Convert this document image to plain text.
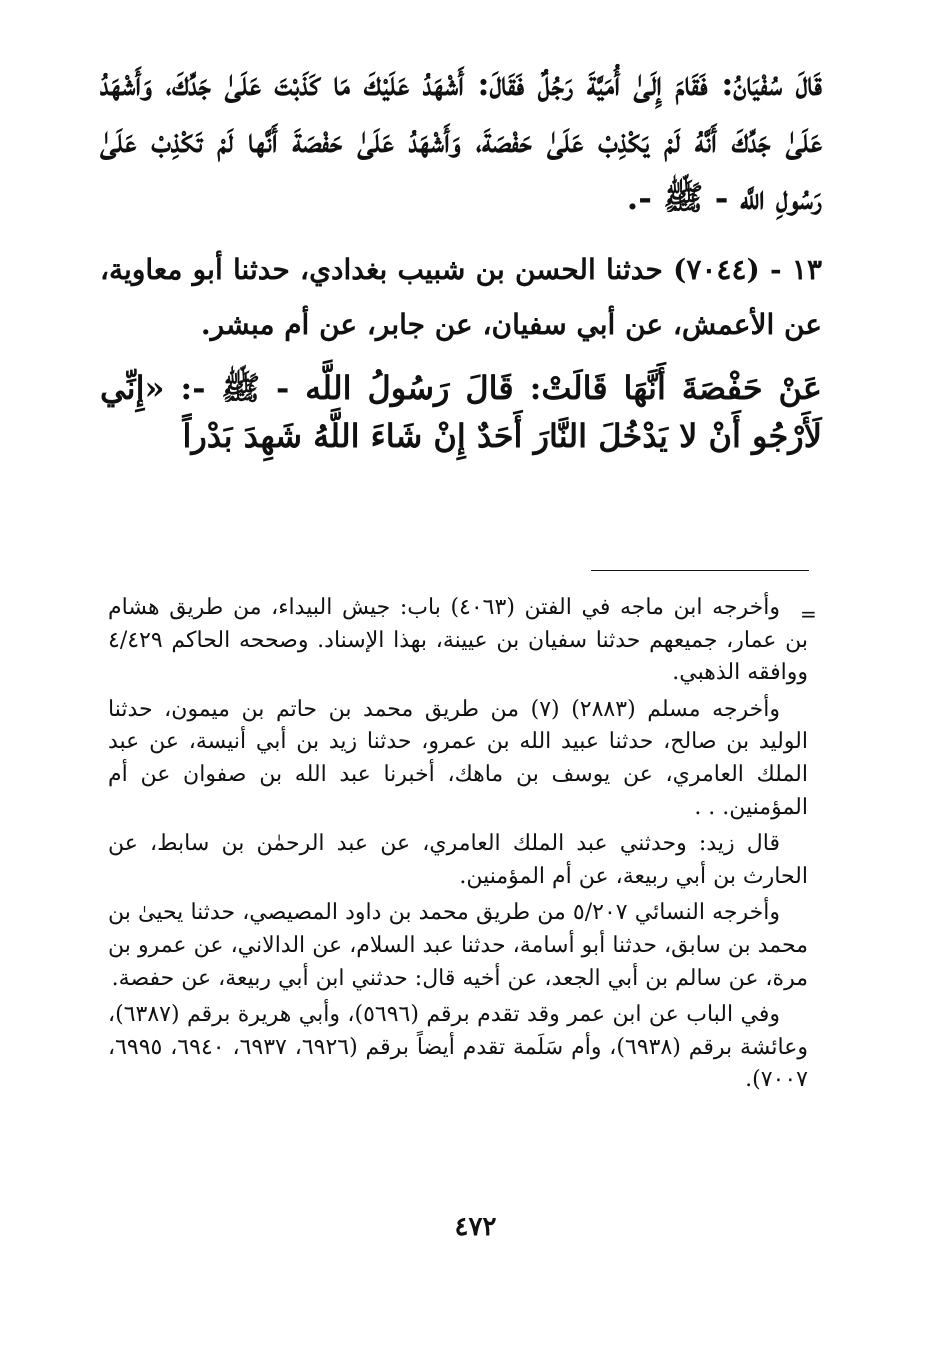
قَالَ سُفْيَانُ: فَقَامَ إِلَىٰ أُمَيَّةَ رَجُلٌ فَقَالَ: أَشْهَدُ عَلَيْكَ مَا كَذَبْتَ عَلَىٰ جَدِّكَ، وَأَشْهَدُ عَلَىٰ جَدِّكَ أَنَّهُ لَمْ يَكْذِبْ عَلَىٰ حَفْصَةَ، وَأَشْهَدُ عَلَىٰ حَفْصَةَ أَنَّها لَمْ تَكْذِبْ عَلَىٰ رَسُولِ اللَّه - ﷺ -.

١٣ - (٧٠٤٤) حدثنا الحسن بن شبيب بغدادي، حدثنا أبو معاوية، عن الأعمش، عن أبي سفيان، عن جابر، عن أم مبشر.

عَنْ حَفْصَةَ أَنَّهَا قَالَتْ: قَالَ رَسُولُ اللَّه - ﷺ -: «إِنِّي لَأَرْجُو أَنْ لا يَدْخُلَ النَّارَ أَحَدٌ إِنْ شَاءَ اللَّهُ شَهِدَ بَدْراً

=

وأخرجه ابن ماجه في الفتن (٤٠٦٣) باب: جيش البيداء، من طريق هشام بن عمار، جميعهم حدثنا سفيان بن عيينة، بهذا الإسناد. وصححه الحاكم ٤/٤٢٩ ووافقه الذهبي.

وأخرجه مسلم (٢٨٨٣) (٧) من طريق محمد بن حاتم بن ميمون، حدثنا الوليد بن صالح، حدثنا عبيد الله بن عمرو، حدثنا زيد بن أبي أنيسة، عن عبد الملك العامري، عن يوسف بن ماهك، أخبرنا عبد الله بن صفوان عن أم المؤمنين. . .

قال زيد: وحدثني عبد الملك العامري، عن عبد الرحمٰن بن سابط، عن الحارث بن أبي ربيعة، عن أم المؤمنين.

وأخرجه النسائي ٥/٢٠٧ من طريق محمد بن داود المصيصي، حدثنا يحيىٰ بن محمد بن سابق، حدثنا أبو أسامة، حدثنا عبد السلام، عن الدالاني، عن عمرو بن مرة، عن سالم بن أبي الجعد، عن أخيه قال: حدثني ابن أبي ربيعة، عن حفصة.

وفي الباب عن ابن عمر وقد تقدم برقم (٥٦٩٦)، وأبي هريرة برقم (٦٣٨٧)، وعائشة برقم (٦٩٣٨)، وأم سَلَمة تقدم أيضاً برقم (٦٩٢٦، ٦٩٣٧، ٦٩٤٠، ٦٩٩٥، ٧٠٠٧).

٤٧٢
